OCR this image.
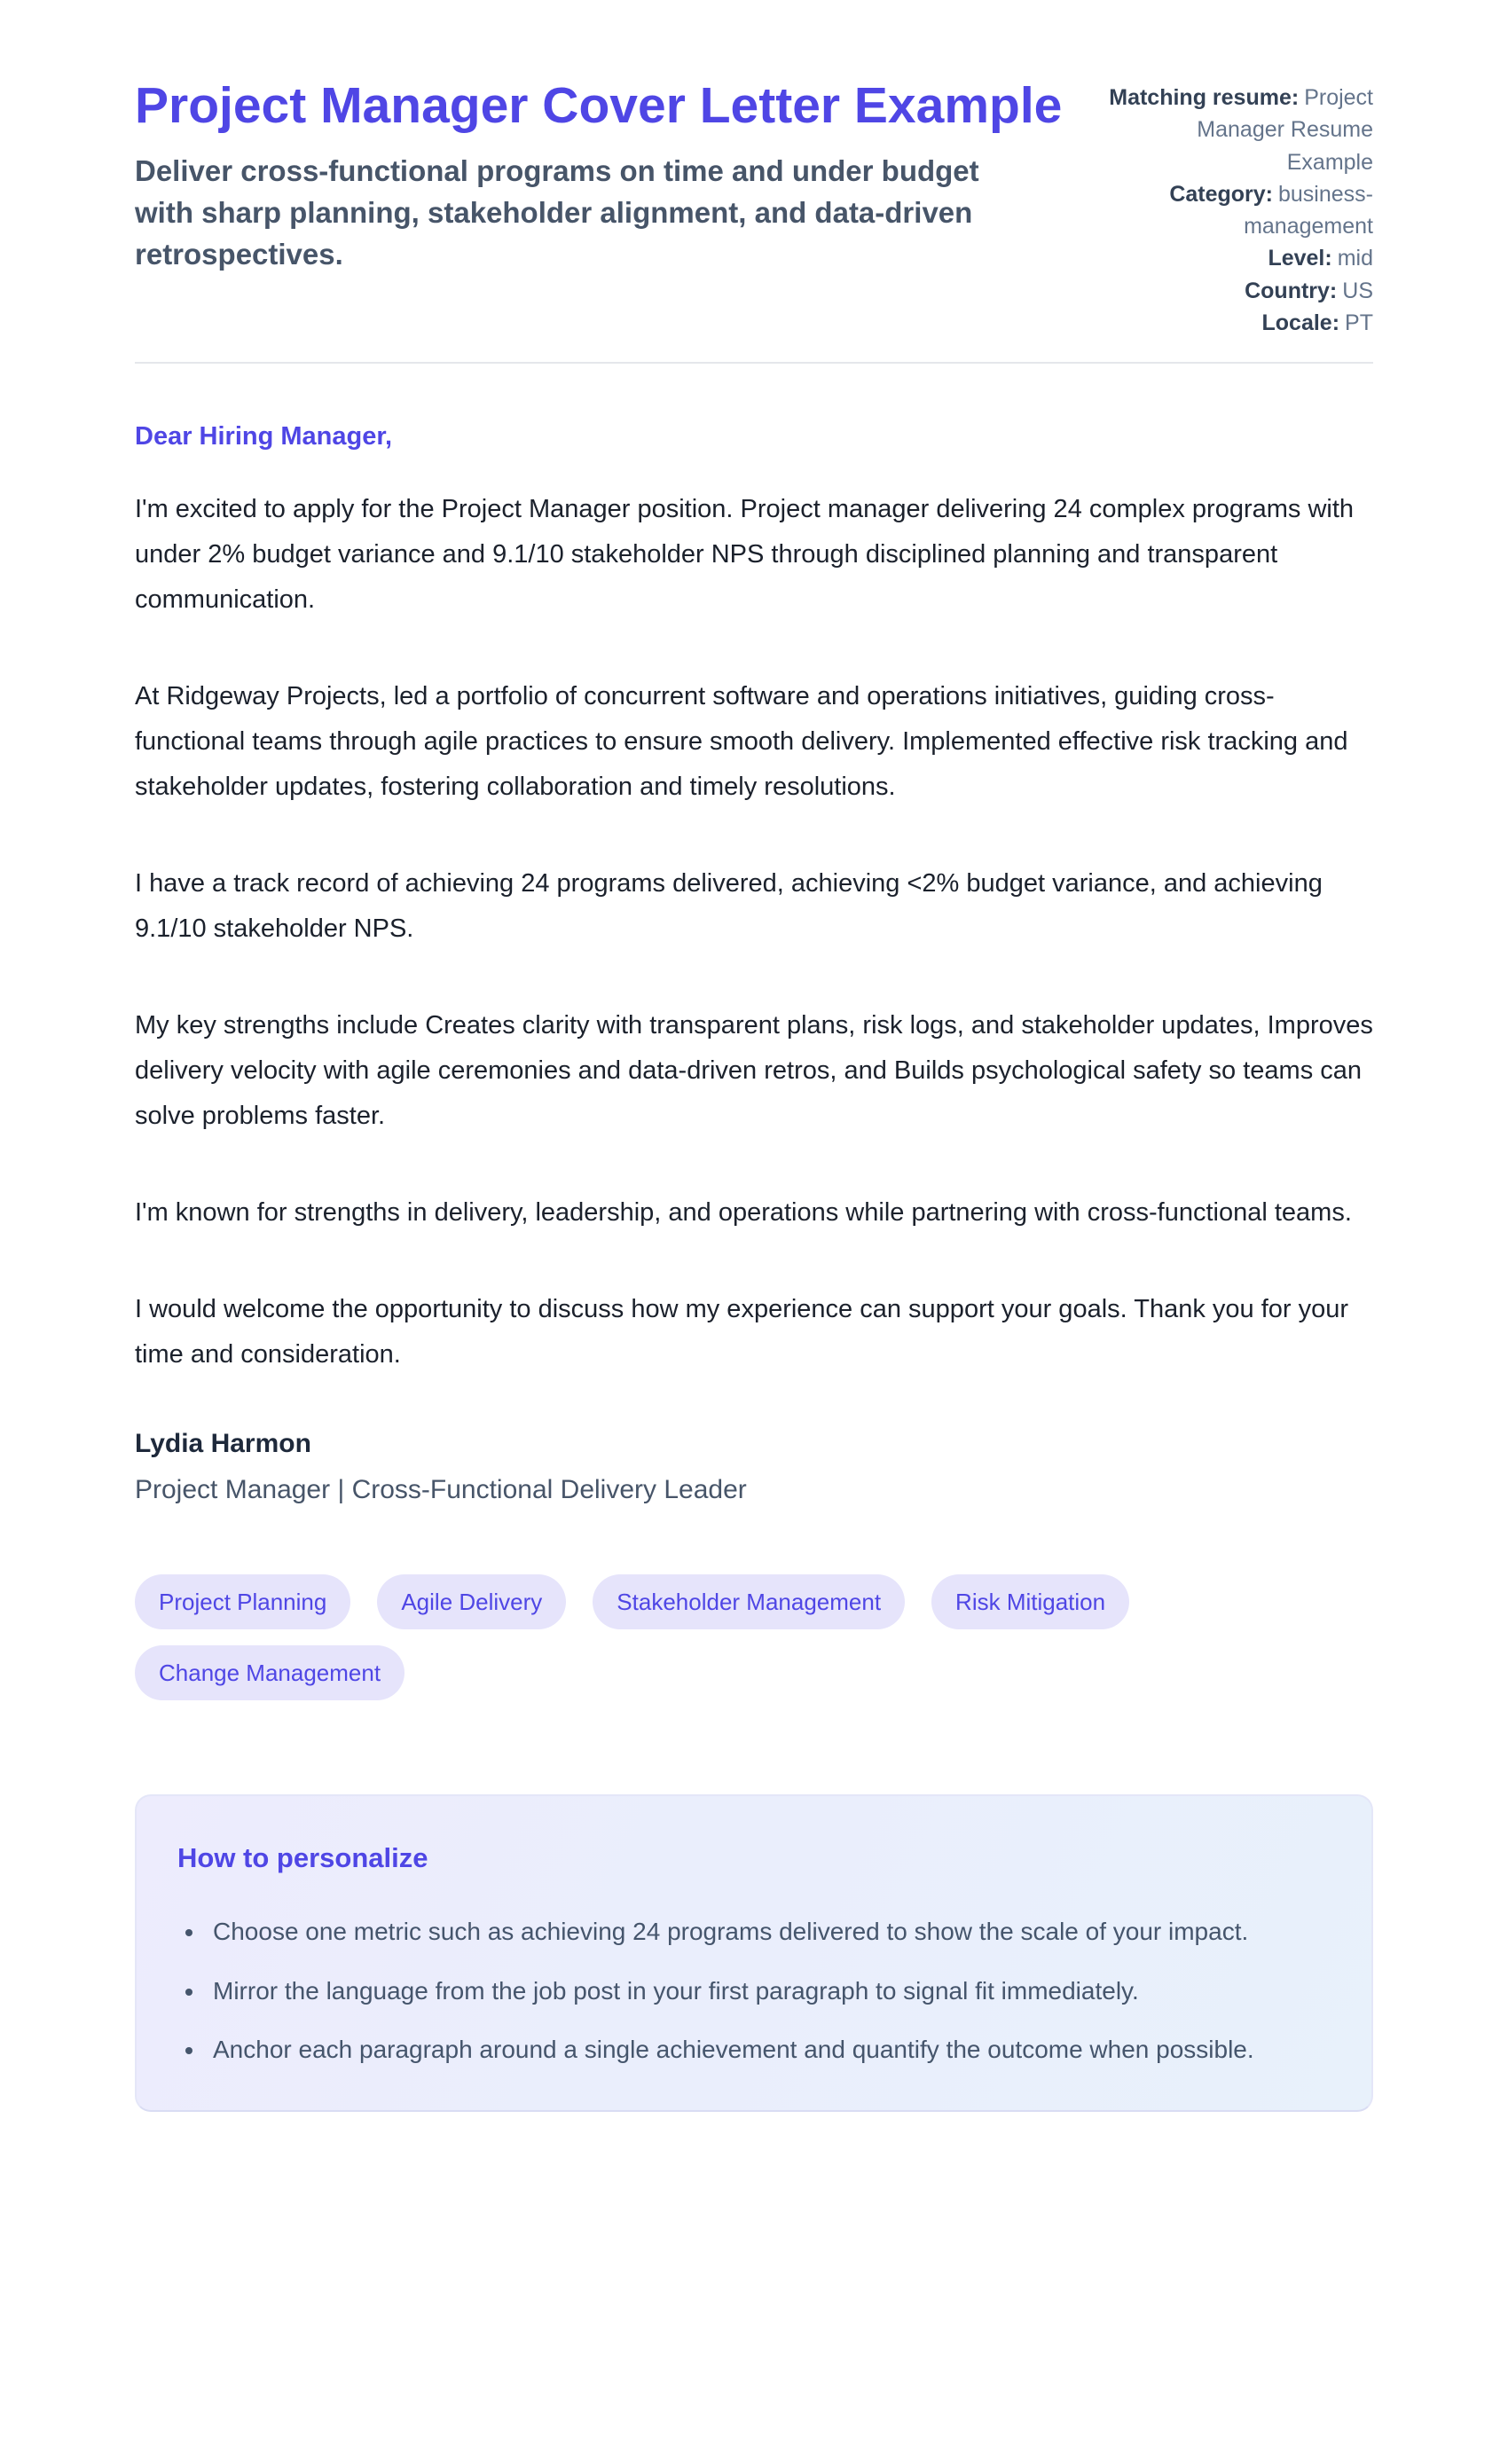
Project Manager Cover Letter Example

Deliver cross-functional programs on time and under budget with sharp planning, stakeholder alignment, and data-driven retrospectives.

Matching resume: Project Manager Resume Example
Category: business-management
Level: mid
Country: US
Locale: PT

Dear Hiring Manager,

I'm excited to apply for the Project Manager position. Project manager delivering 24 complex programs with under 2% budget variance and 9.1/10 stakeholder NPS through disciplined planning and transparent communication.

At Ridgeway Projects, led a portfolio of concurrent software and operations initiatives, guiding cross-functional teams through agile practices to ensure smooth delivery. Implemented effective risk tracking and stakeholder updates, fostering collaboration and timely resolutions.

I have a track record of achieving 24 programs delivered, achieving <2% budget variance, and achieving 9.1/10 stakeholder NPS.

My key strengths include Creates clarity with transparent plans, risk logs, and stakeholder updates, Improves delivery velocity with agile ceremonies and data-driven retros, and Builds psychological safety so teams can solve problems faster.

I'm known for strengths in delivery, leadership, and operations while partnering with cross-functional teams.

I would welcome the opportunity to discuss how my experience can support your goals. Thank you for your time and consideration.

Lydia Harmon

Project Manager | Cross-Functional Delivery Leader

Project Planning	Agile Delivery	Stakeholder Management	Risk Mitigation
Change Management
How to personalize
• Choose one metric such as achieving 24 programs delivered to show the scale of your impact.
• Mirror the language from the job post in your first paragraph to signal fit immediately.
• Anchor each paragraph around a single achievement and quantify the outcome when possible.
